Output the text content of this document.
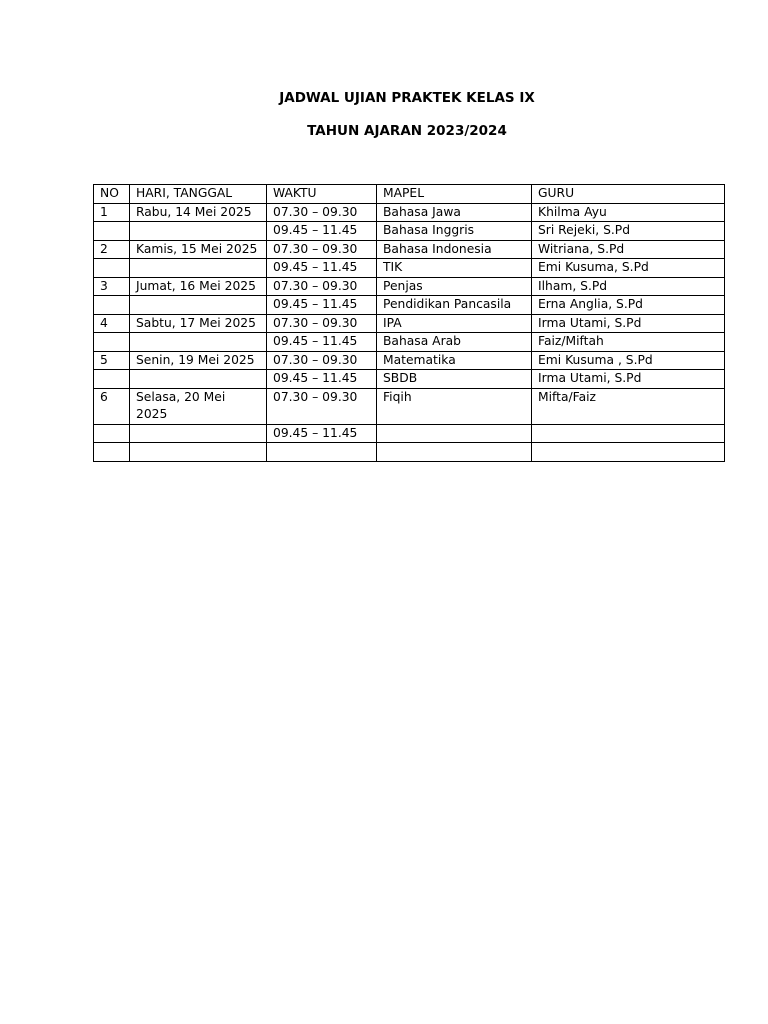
JADWAL UJIAN PRAKTEK KELAS IX
TAHUN AJARAN 2023/2024
NO	HARI, TANGGAL	WAKTU	MAPEL	GURU
1	Rabu, 14 Mei 2025	07.30 – 09.30	Bahasa Jawa	Khilma Ayu
		09.45 – 11.45	Bahasa Inggris	Sri Rejeki, S.Pd
2	Kamis, 15 Mei 2025	07.30 – 09.30	Bahasa Indonesia	Witriana, S.Pd
		09.45 – 11.45	TIK	Emi Kusuma, S.Pd
3	Jumat, 16 Mei 2025	07.30 – 09.30	Penjas	Ilham, S.Pd
		09.45 – 11.45	Pendidikan Pancasila	Erna Anglia, S.Pd
4	Sabtu, 17 Mei 2025	07.30 – 09.30	IPA	Irma Utami, S.Pd
		09.45 – 11.45	Bahasa Arab	Faiz/Miftah
5	Senin, 19 Mei 2025	07.30 – 09.30	Matematika	Emi Kusuma , S.Pd
		09.45 – 11.45	SBDB	Irma Utami, S.Pd
6	Selasa, 20 Mei 2025	07.30 – 09.30	Fiqih	Mifta/Faiz
		09.45 – 11.45		
